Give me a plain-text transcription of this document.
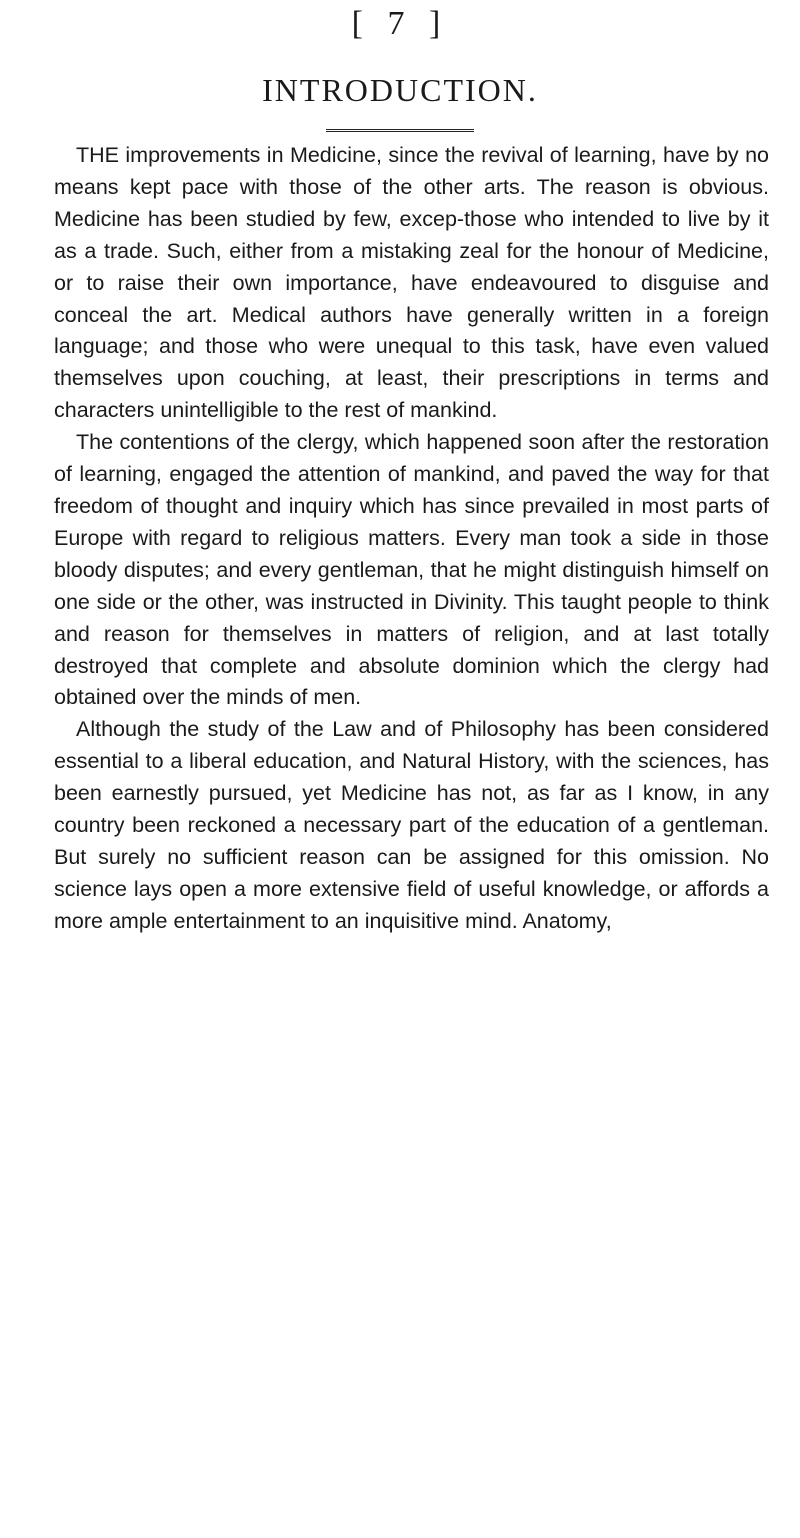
[ 7 ]
INTRODUCTION.

THE improvements in Medicine, since the revival of learning, have by no means kept pace with those of the other arts. The reason is obvious. Medicine has been studied by few, excep-those who intended to live by it as a trade. Such, either from a mistaking zeal for the honour of Medicine, or to raise their own importance, have endeavoured to disguise and conceal the art. Medical authors have generally written in a foreign language; and those who were unequal to this task, have even valued themselves upon couching, at least, their prescriptions in terms and characters unintelligible to the rest of mankind.

The contentions of the clergy, which happened soon after the restoration of learning, engaged the attention of mankind, and paved the way for that freedom of thought and inquiry which has since prevailed in most parts of Europe with regard to religious matters. Every man took a side in those bloody disputes; and every gentleman, that he might distinguish himself on one side or the other, was instructed in Divinity. This taught people to think and reason for themselves in matters of religion, and at last totally destroyed that complete and absolute dominion which the clergy had obtained over the minds of men.

Although the study of the Law and of Philosophy has been considered essential to a liberal education, and Natural History, with the sciences, has been earnestly pursued, yet Medicine has not, as far as I know, in any country been reckoned a necessary part of the education of a gentleman. But surely no sufficient reason can be assigned for this omission. No science lays open a more extensive field of useful knowledge, or affords a more ample entertainment to an inquisitive mind. Anatomy,
